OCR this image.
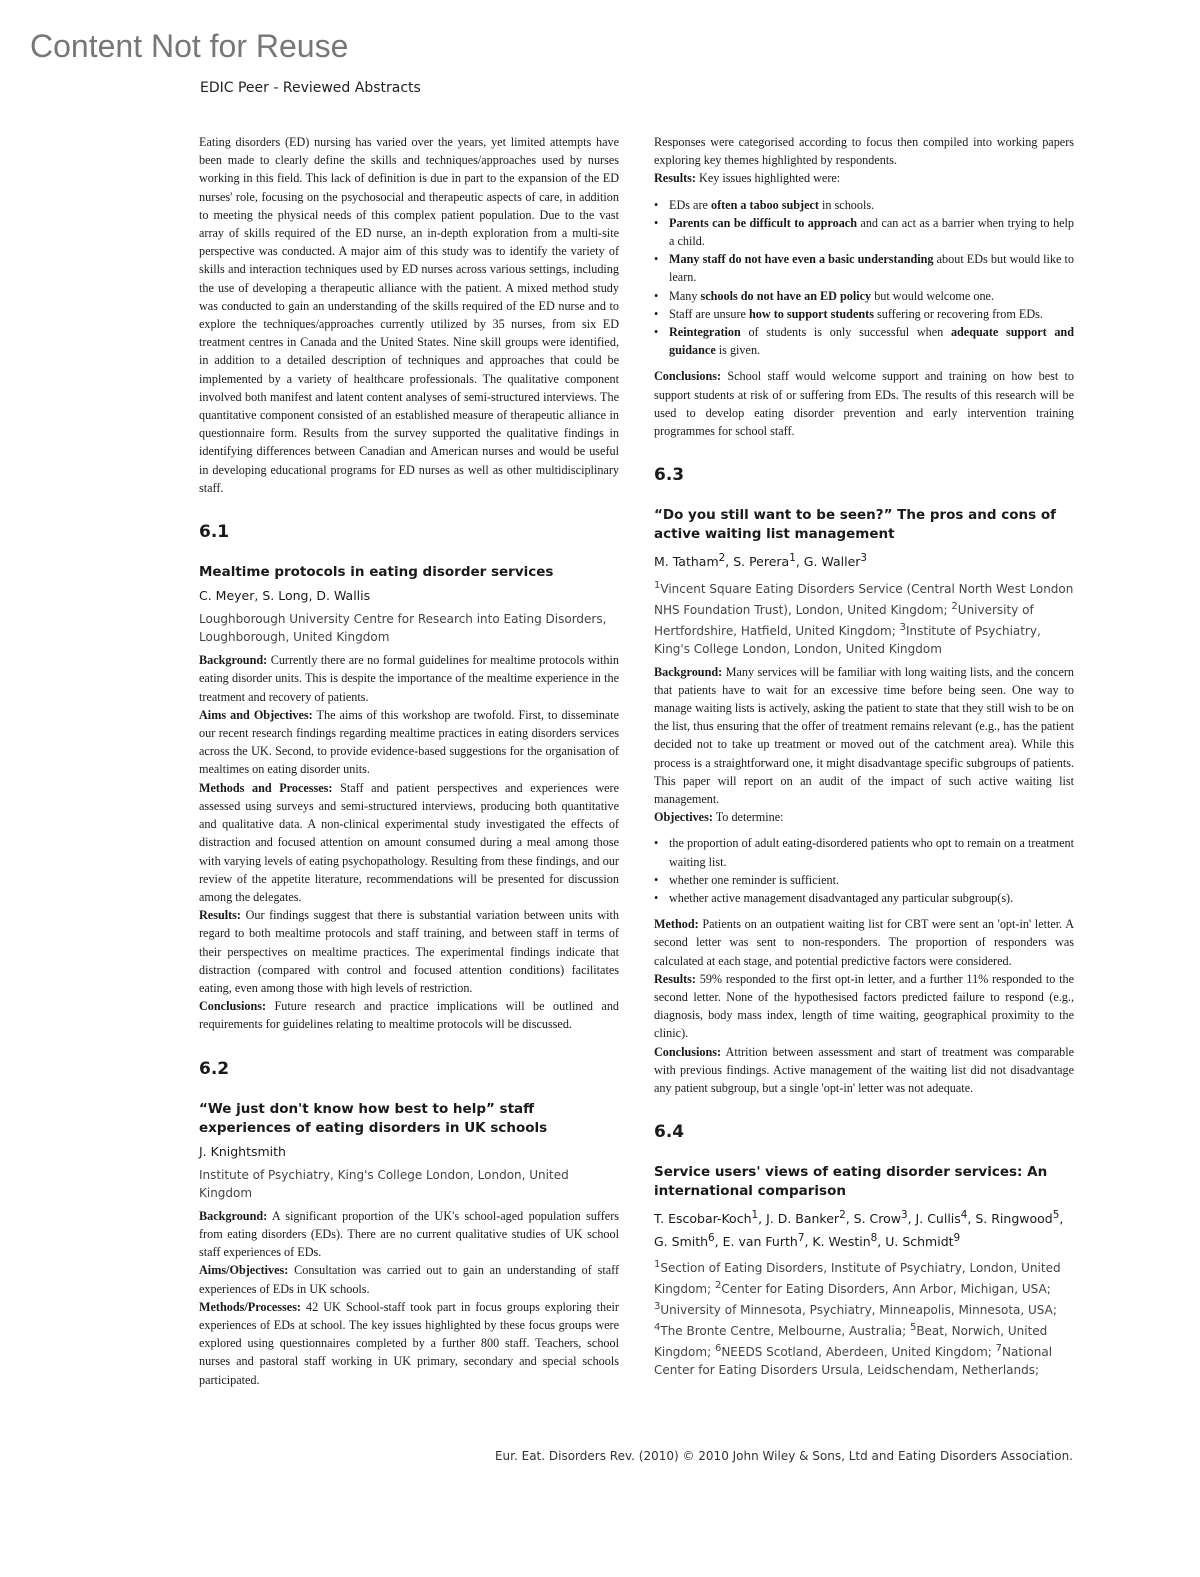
Content Not for Reuse
EDIC Peer - Reviewed Abstracts

Eating disorders (ED) nursing has varied over the years, yet limited attempts have been made to clearly define the skills and techniques/approaches used by nurses working in this field. This lack of definition is due in part to the expansion of the ED nurses' role, focusing on the psychosocial and therapeutic aspects of care, in addition to meeting the physical needs of this complex patient population. Due to the vast array of skills required of the ED nurse, an in-depth exploration from a multi-site perspective was conducted. A major aim of this study was to identify the variety of skills and interaction techniques used by ED nurses across various settings, including the use of developing a therapeutic alliance with the patient. A mixed method study was conducted to gain an understanding of the skills required of the ED nurse and to explore the techniques/approaches currently utilized by 35 nurses, from six ED treatment centres in Canada and the United States. Nine skill groups were identified, in addition to a detailed description of techniques and approaches that could be implemented by a variety of healthcare professionals. The qualitative component involved both manifest and latent content analyses of semi-structured interviews. The quantitative component consisted of an established measure of therapeutic alliance in questionnaire form. Results from the survey supported the qualitative findings in identifying differences between Canadian and American nurses and would be useful in developing educational programs for ED nurses as well as other multidisciplinary staff.

6.1
Mealtime protocols in eating disorder services
C. Meyer, S. Long, D. Wallis
Loughborough University Centre for Research into Eating Disorders, Loughborough, United Kingdom

Background: Currently there are no formal guidelines for mealtime protocols within eating disorder units. This is despite the importance of the mealtime experience in the treatment and recovery of patients.

Aims and Objectives: The aims of this workshop are twofold. First, to disseminate our recent research findings regarding mealtime practices in eating disorders services across the UK. Second, to provide evidence-based suggestions for the organisation of mealtimes on eating disorder units.

Methods and Processes: Staff and patient perspectives and experiences were assessed using surveys and semi-structured interviews, producing both quantitative and qualitative data. A non-clinical experimental study investigated the effects of distraction and focused attention on amount consumed during a meal among those with varying levels of eating psychopathology. Resulting from these findings, and our review of the appetite literature, recommendations will be presented for discussion among the delegates.

Results: Our findings suggest that there is substantial variation between units with regard to both mealtime protocols and staff training, and between staff in terms of their perspectives on mealtime practices. The experimental findings indicate that distraction (compared with control and focused attention conditions) facilitates eating, even among those with high levels of restriction.

Conclusions: Future research and practice implications will be outlined and requirements for guidelines relating to mealtime protocols will be discussed.

6.2
“We just don't know how best to help” staff experiences of eating disorders in UK schools
J. Knightsmith
Institute of Psychiatry, King's College London, London, United Kingdom

Background: A significant proportion of the UK's school-aged population suffers from eating disorders (EDs). There are no current qualitative studies of UK school staff experiences of EDs.

Aims/Objectives: Consultation was carried out to gain an understanding of staff experiences of EDs in UK schools.

Methods/Processes: 42 UK School-staff took part in focus groups exploring their experiences of EDs at school. The key issues highlighted by these focus groups were explored using questionnaires completed by a further 800 staff. Teachers, school nurses and pastoral staff working in UK primary, secondary and special schools participated.

Responses were categorised according to focus then compiled into working papers exploring key themes highlighted by respondents.

Results: Key issues highlighted were:

• EDs are often a taboo subject in schools.
• Parents can be difficult to approach and can act as a barrier when trying to help a child.
• Many staff do not have even a basic understanding about EDs but would like to learn.
• Many schools do not have an ED policy but would welcome one.
• Staff are unsure how to support students suffering or recovering from EDs.
• Reintegration of students is only successful when adequate support and guidance is given.

Conclusions: School staff would welcome support and training on how best to support students at risk of or suffering from EDs. The results of this research will be used to develop eating disorder prevention and early intervention training programmes for school staff.

6.3
“Do you still want to be seen?” The pros and cons of active waiting list management
M. Tatham$^2$, S. Perera$^1$, G. Waller$^3$
$^1$Vincent Square Eating Disorders Service (Central North West London NHS Foundation Trust), London, United Kingdom; $^2$University of Hertfordshire, Hatfield, United Kingdom; $^3$Institute of Psychiatry, King's College London, London, United Kingdom

Background: Many services will be familiar with long waiting lists, and the concern that patients have to wait for an excessive time before being seen. One way to manage waiting lists is actively, asking the patient to state that they still wish to be on the list, thus ensuring that the offer of treatment remains relevant (e.g., has the patient decided not to take up treatment or moved out of the catchment area). While this process is a straightforward one, it might disadvantage specific subgroups of patients. This paper will report on an audit of the impact of such active waiting list management.

Objectives: To determine:

• the proportion of adult eating-disordered patients who opt to remain on a treatment waiting list.
• whether one reminder is sufficient.
• whether active management disadvantaged any particular subgroup(s).

Method: Patients on an outpatient waiting list for CBT were sent an 'opt-in' letter. A second letter was sent to non-responders. The proportion of responders was calculated at each stage, and potential predictive factors were considered.

Results: 59% responded to the first opt-in letter, and a further 11% responded to the second letter. None of the hypothesised factors predicted failure to respond (e.g., diagnosis, body mass index, length of time waiting, geographical proximity to the clinic).

Conclusions: Attrition between assessment and start of treatment was comparable with previous findings. Active management of the waiting list did not disadvantage any patient subgroup, but a single 'opt-in' letter was not adequate.

6.4
Service users' views of eating disorder services: An international comparison
T. Escobar-Koch$^1$, J. D. Banker$^2$, S. Crow$^3$, J. Cullis$^4$, S. Ringwood$^5$, G. Smith$^6$, E. van Furth$^7$, K. Westin$^8$, U. Schmidt$^9$
$^1$Section of Eating Disorders, Institute of Psychiatry, London, United Kingdom; $^2$Center for Eating Disorders, Ann Arbor, Michigan, USA; $^3$University of Minnesota, Psychiatry, Minneapolis, Minnesota, USA; $^4$The Bronte Centre, Melbourne, Australia; $^5$Beat, Norwich, United Kingdom; $^6$NEEDS Scotland, Aberdeen, United Kingdom; $^7$National Center for Eating Disorders Ursula, Leidschendam, Netherlands;
Eur. Eat. Disorders Rev. (2010) © 2010 John Wiley & Sons, Ltd and Eating Disorders Association.
